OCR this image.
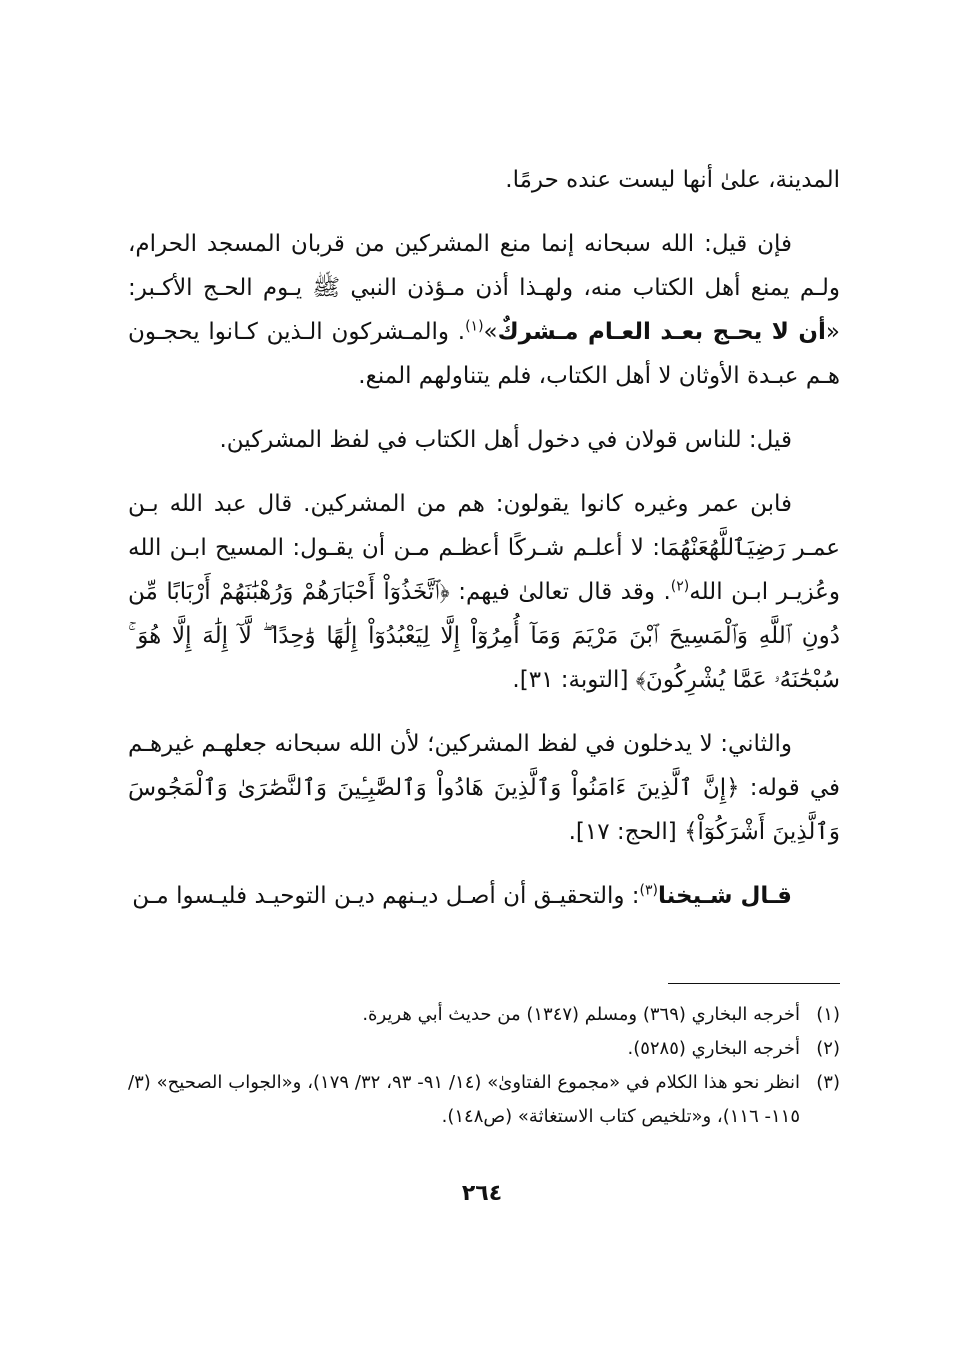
المدينة، علىٰ أنها ليست عنده حرمًا.

فإن قيل: الله سبحانه إنما منع المشركين من قربان المسجد الحرام، ولـم يمنع أهل الكتاب منه، ولهـذا أذن مـؤذن النبي ﷺ يـوم الحـج الأكـبر: «أن لا يحـج بعـد العـام مـشركٌ»$^{(١)}$. والمـشركون الـذين كـانوا يحجـون هـم عبـدة الأوثان لا أهل الكتاب، فلم يتناولهم المنع.

قيل: للناس قولان في دخول أهل الكتاب في لفظ المشركين.

فابن عمر وغيره كانوا يقولون: هم من المشركين. قال عبد الله بـن عمـر رَضِيَٱللَّهُعَنْهُمَا: لا أعلـم شـركًا أعظـم مـن أن يقـول: المسيح ابـن الله وعُزيـر ابـن الله$^{(٢)}$. وقد قال تعالىٰ فيهم: ﴿ٱتَّخَذُوٓاْ أَحْبَارَهُمْ وَرُهْبَٰنَهُمْ أَرْبَابًا مِّن دُونِ ٱللَّهِ وَٱلْمَسِيحَ ٱبْنَ مَرْيَمَ وَمَآ أُمِرُوٓاْ إِلَّا لِيَعْبُدُوٓاْ إِلَٰهًا وَٰحِدًا ۖ لَّآ إِلَٰهَ إِلَّا هُوَ ۚ سُبْحَٰنَهُۥ عَمَّا يُشْرِكُونَ﴾ [التوبة: ٣١].

والثاني: لا يدخلون في لفظ المشركين؛ لأن الله سبحانه جعلهـم غيرهـم في قوله: ﴿إِنَّ ٱلَّذِينَ ءَامَنُواْ وَٱلَّذِينَ هَادُواْ وَٱلصَّٰبِـِٔينَ وَٱلنَّصَٰرَىٰ وَٱلْمَجُوسَ وَٱلَّذِينَ أَشْرَكُوٓاْ﴾ [الحج: ١٧].

قـال شـيخنا$^{(٣)}$: والتحقيـق أن أصـل ديـنهم ديـن التوحيـد فليـسوا مـن

(١)
أخرجه البخاري (٣٦٩) ومسلم (١٣٤٧) من حديث أبي هريرة.
(٢)
أخرجه البخاري (٥٢٨٥).
(٣)
انظر نحو هذا الكلام في «مجموع الفتاوىٰ» (١٤/ ٩١- ٩٣، ٣٢/ ١٧٩)، و«الجواب الصحيح» (٣/ ١١٥- ١١٦)، و«تلخيص كتاب الاستغاثة» (ص١٤٨).
٢٦٤
